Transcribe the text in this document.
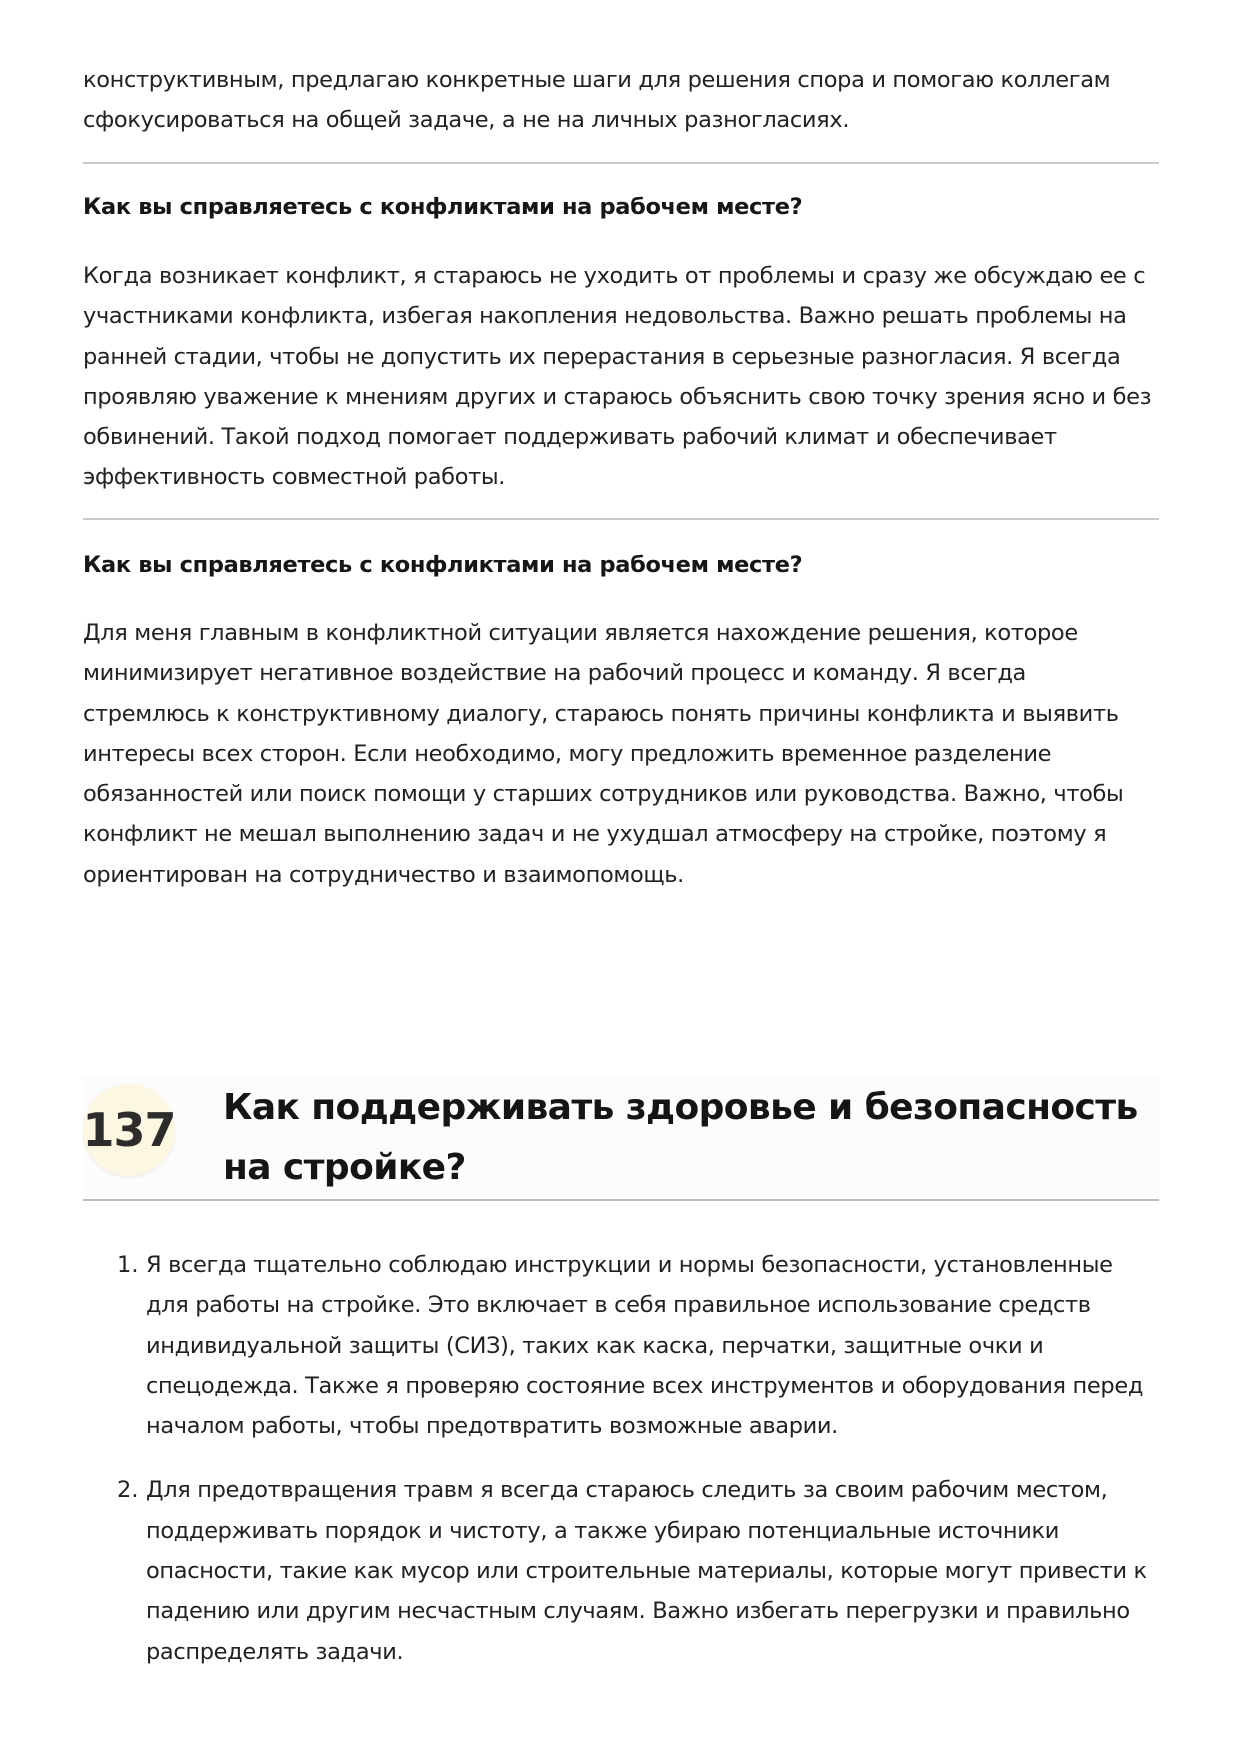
конструктивным, предлагаю конкретные шаги для решения спора и помогаю коллегам сфокусироваться на общей задаче, а не на личных разногласиях.

Как вы справляетесь с конфликтами на рабочем месте?

Когда возникает конфликт, я стараюсь не уходить от проблемы и сразу же обсуждаю ее с участниками конфликта, избегая накопления недовольства. Важно решать проблемы на ранней стадии, чтобы не допустить их перерастания в серьезные разногласия. Я всегда проявляю уважение к мнениям других и стараюсь объяснить свою точку зрения ясно и без обвинений. Такой подход помогает поддерживать рабочий климат и обеспечивает эффективность совместной работы.

Как вы справляетесь с конфликтами на рабочем месте?

Для меня главным в конфликтной ситуации является нахождение решения, которое минимизирует негативное воздействие на рабочий процесс и команду. Я всегда стремлюсь к конструктивному диалогу, стараюсь понять причины конфликта и выявить интересы всех сторон. Если необходимо, могу предложить временное разделение обязанностей или поиск помощи у старших сотрудников или руководства. Важно, чтобы конфликт не мешал выполнению задач и не ухудшал атмосферу на стройке, поэтому я ориентирован на сотрудничество и взаимопомощь.

137 Как поддерживать здоровье и безопасность на стройке?
1. Я всегда тщательно соблюдаю инструкции и нормы безопасности, установленные для работы на стройке. Это включает в себя правильное использование средств индивидуальной защиты (СИЗ), таких как каска, перчатки, защитные очки и спецодежда. Также я проверяю состояние всех инструментов и оборудования перед началом работы, чтобы предотвратить возможные аварии.

2. Для предотвращения травм я всегда стараюсь следить за своим рабочим местом, поддерживать порядок и чистоту, а также убираю потенциальные источники опасности, такие как мусор или строительные материалы, которые могут привести к падению или другим несчастным случаям. Важно избегать перегрузки и правильно распределять задачи.
